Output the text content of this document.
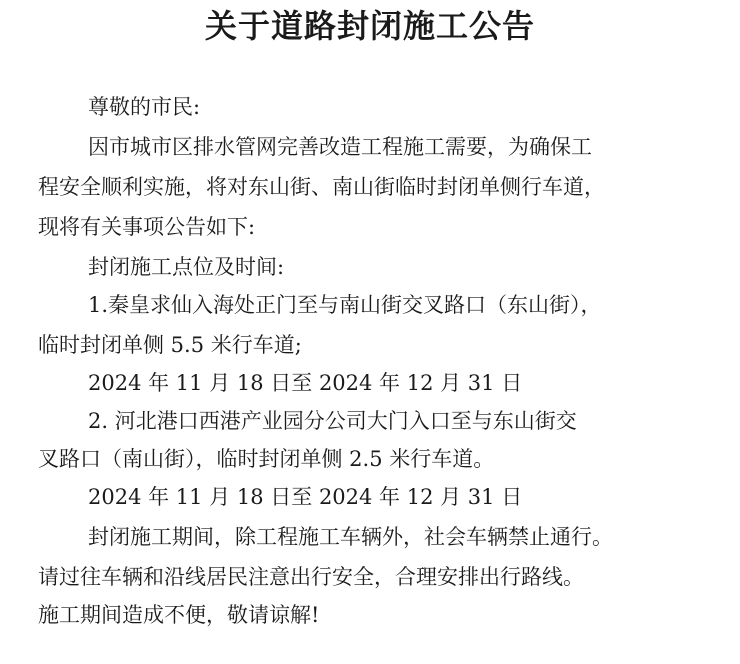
关于道路封闭施工公告
尊敬的市民:
因市城市区排水管网完善改造工程施工需要，为确保工
程安全顺利实施，将对东山街、南山街临时封闭单侧行车道，
现将有关事项公告如下:
封闭施工点位及时间:
1.秦皇求仙入海处正门至与南山街交叉路口（东山街），
临时封闭单侧 5.5 米行车道;
2024 年 11 月 18 日至 2024 年 12 月 31 日
2. 河北港口西港产业园分公司大门入口至与东山街交
叉路口（南山街），临时封闭单侧 2.5 米行车道。
2024 年 11 月 18 日至 2024 年 12 月 31 日
封闭施工期间，除工程施工车辆外，社会车辆禁止通行。
请过往车辆和沿线居民注意出行安全，合理安排出行路线。
施工期间造成不便，敬请谅解!
